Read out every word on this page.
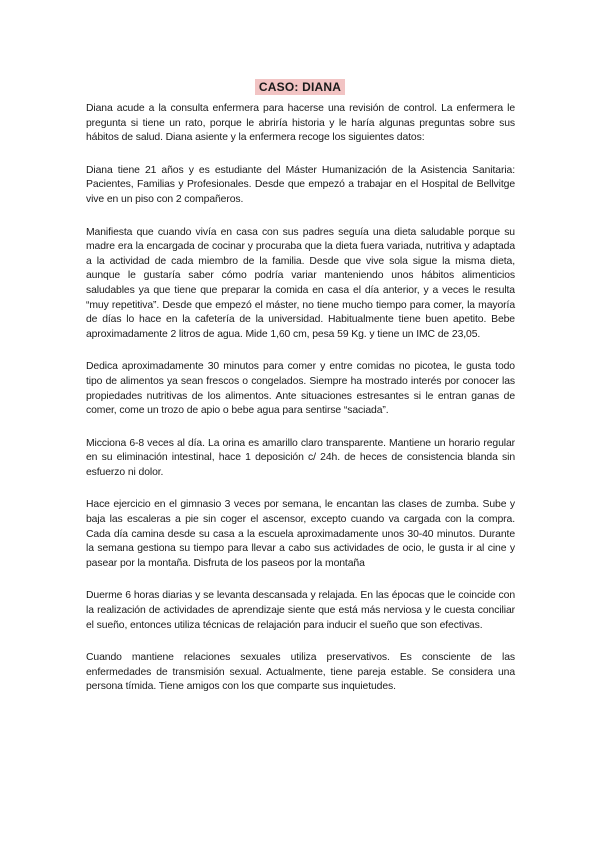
CASO: DIANA

Diana acude a la consulta enfermera para hacerse una revisión de control. La enfermera le pregunta si tiene un rato, porque le abriría historia y le haría algunas preguntas sobre sus hábitos de salud. Diana asiente y la enfermera recoge los siguientes datos:

Diana tiene 21 años y es estudiante del Máster Humanización de la Asistencia Sanitaria: Pacientes, Familias y Profesionales. Desde que empezó a trabajar en el Hospital de Bellvitge vive en un piso con 2 compañeros.

Manifiesta que cuando vivía en casa con sus padres seguía una dieta saludable porque su madre era la encargada de cocinar y procuraba que la dieta fuera variada, nutritiva y adaptada a la actividad de cada miembro de la familia. Desde que vive sola sigue la misma dieta, aunque le gustaría saber cómo podría variar manteniendo unos hábitos alimenticios saludables ya que tiene que preparar la comida en casa el día anterior, y a veces le resulta “muy repetitiva”. Desde que empezó el máster, no tiene mucho tiempo para comer, la mayoría de días lo hace en la cafetería de la universidad. Habitualmente tiene buen apetito. Bebe aproximadamente 2 litros de agua. Mide 1,60 cm, pesa 59 Kg. y tiene un IMC de 23,05.

Dedica aproximadamente 30 minutos para comer y entre comidas no picotea, le gusta todo tipo de alimentos ya sean frescos o congelados. Siempre ha mostrado interés por conocer las propiedades nutritivas de los alimentos. Ante situaciones estresantes si le entran ganas de comer, come un trozo de apio o bebe agua para sentirse “saciada”.

Micciona 6-8 veces al día. La orina es amarillo claro transparente. Mantiene un horario regular en su eliminación intestinal, hace 1 deposición c/ 24h. de heces de consistencia blanda sin esfuerzo ni dolor.

Hace ejercicio en el gimnasio 3 veces por semana, le encantan las clases de zumba. Sube y baja las escaleras a pie sin coger el ascensor, excepto cuando va cargada con la compra. Cada día camina desde su casa a la escuela aproximadamente unos 30-40 minutos. Durante la semana gestiona su tiempo para llevar a cabo sus actividades de ocio, le gusta ir al cine y pasear por la montaña. Disfruta de los paseos por la montaña

Duerme 6 horas diarias y se levanta descansada y relajada. En las épocas que le coincide con la realización de actividades de aprendizaje siente que está más nerviosa y le cuesta conciliar el sueño, entonces utiliza técnicas de relajación para inducir el sueño que son efectivas.

Cuando mantiene relaciones sexuales utiliza preservativos. Es consciente de las enfermedades de transmisión sexual. Actualmente, tiene pareja estable. Se considera una persona tímida. Tiene amigos con los que comparte sus inquietudes.
